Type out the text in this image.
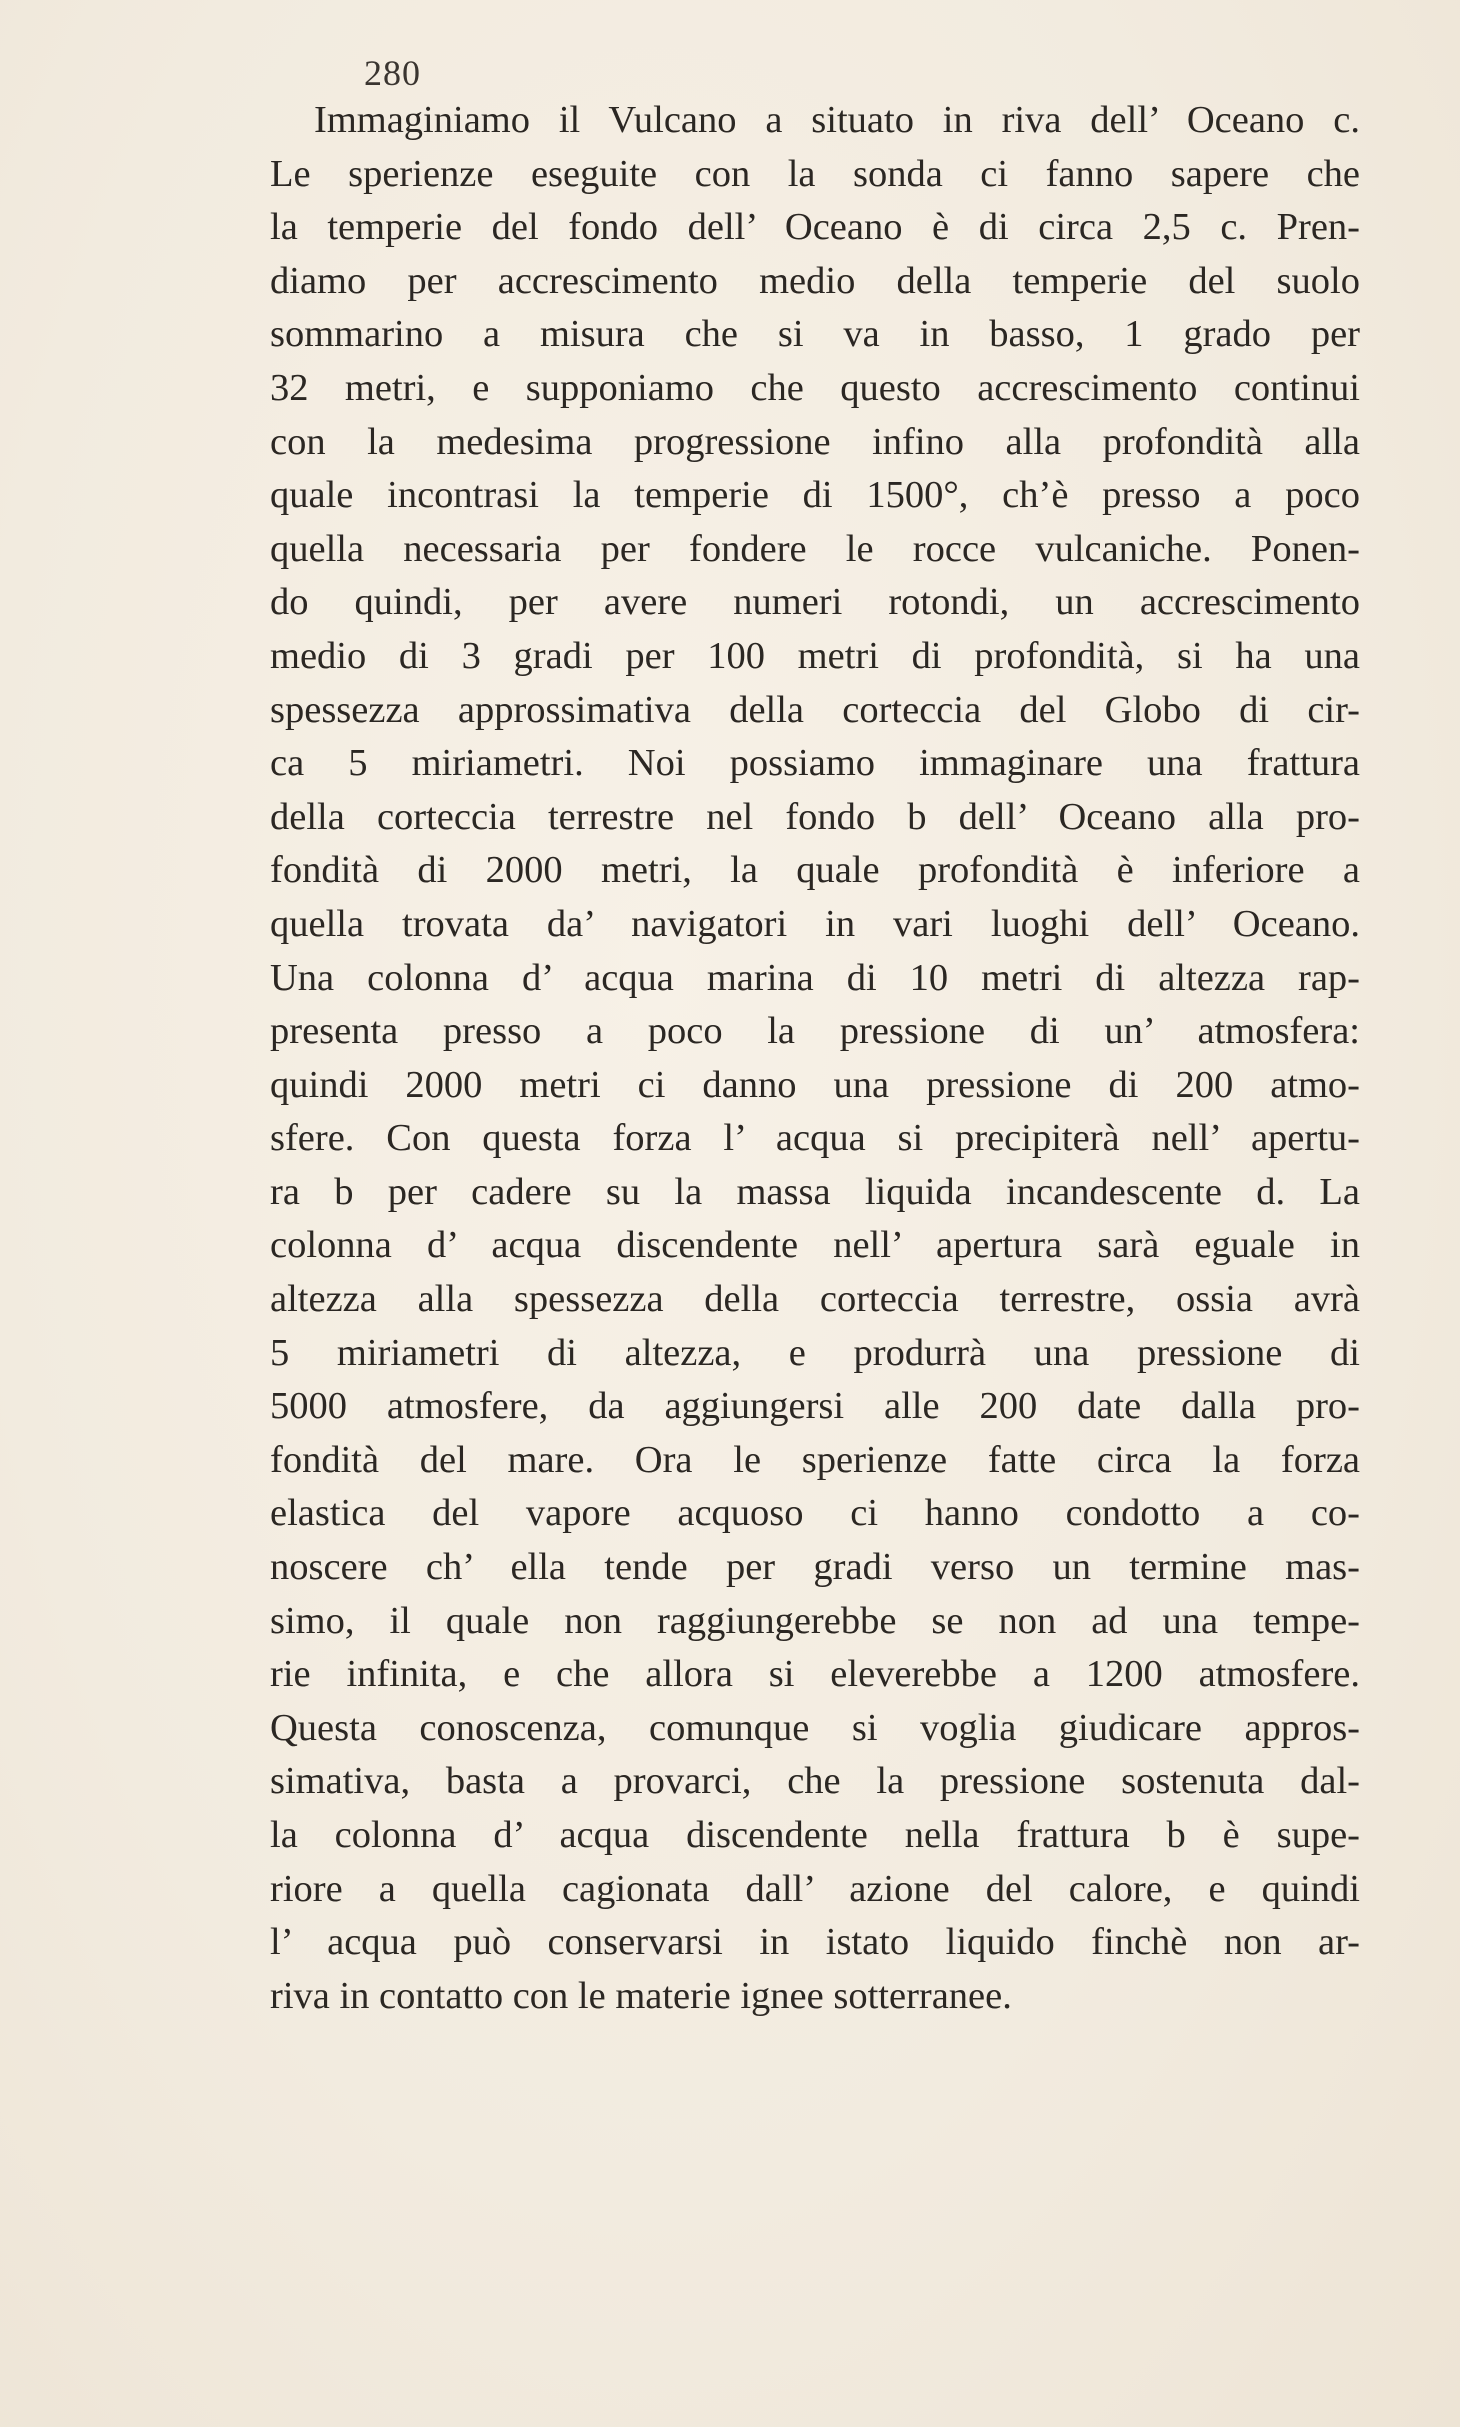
280
Immaginiamo il Vulcano a situato in riva dell’ Oceano c.
Le sperienze eseguite con la sonda ci fanno sapere che
la temperie del fondo dell’ Oceano è di circa 2,5 c. Pren-
diamo per accrescimento medio della temperie del suolo
sommarino a misura che si va in basso, 1 grado per
32 metri, e supponiamo che questo accrescimento continui
con la medesima progressione infino alla profondità alla
quale incontrasi la temperie di 1500°, ch’è presso a poco
quella necessaria per fondere le rocce vulcaniche. Ponen-
do quindi, per avere numeri rotondi, un accrescimento
medio di 3 gradi per 100 metri di profondità, si ha una
spessezza approssimativa della corteccia del Globo di cir-
ca 5 miriametri. Noi possiamo immaginare una frattura
della corteccia terrestre nel fondo b dell’ Oceano alla pro-
fondità di 2000 metri, la quale profondità è inferiore a
quella trovata da’ navigatori in vari luoghi dell’ Oceano.
Una colonna d’ acqua marina di 10 metri di altezza rap-
presenta presso a poco la pressione di un’ atmosfera:
quindi 2000 metri ci danno una pressione di 200 atmo-
sfere. Con questa forza l’ acqua si precipiterà nell’ apertu-
ra b per cadere su la massa liquida incandescente d. La
colonna d’ acqua discendente nell’ apertura sarà eguale in
altezza alla spessezza della corteccia terrestre, ossia avrà
5 miriametri di altezza, e produrrà una pressione di
5000 atmosfere, da aggiungersi alle 200 date dalla pro-
fondità del mare. Ora le sperienze fatte circa la forza
elastica del vapore acquoso ci hanno condotto a co-
noscere ch’ ella tende per gradi verso un termine mas-
simo, il quale non raggiungerebbe se non ad una tempe-
rie infinita, e che allora si eleverebbe a 1200 atmosfere.
Questa conoscenza, comunque si voglia giudicare appros-
simativa, basta a provarci, che la pressione sostenuta dal-
la colonna d’ acqua discendente nella frattura b è supe-
riore a quella cagionata dall’ azione del calore, e quindi
l’ acqua può conservarsi in istato liquido finchè non ar-
riva in contatto con le materie ignee sotterranee.
